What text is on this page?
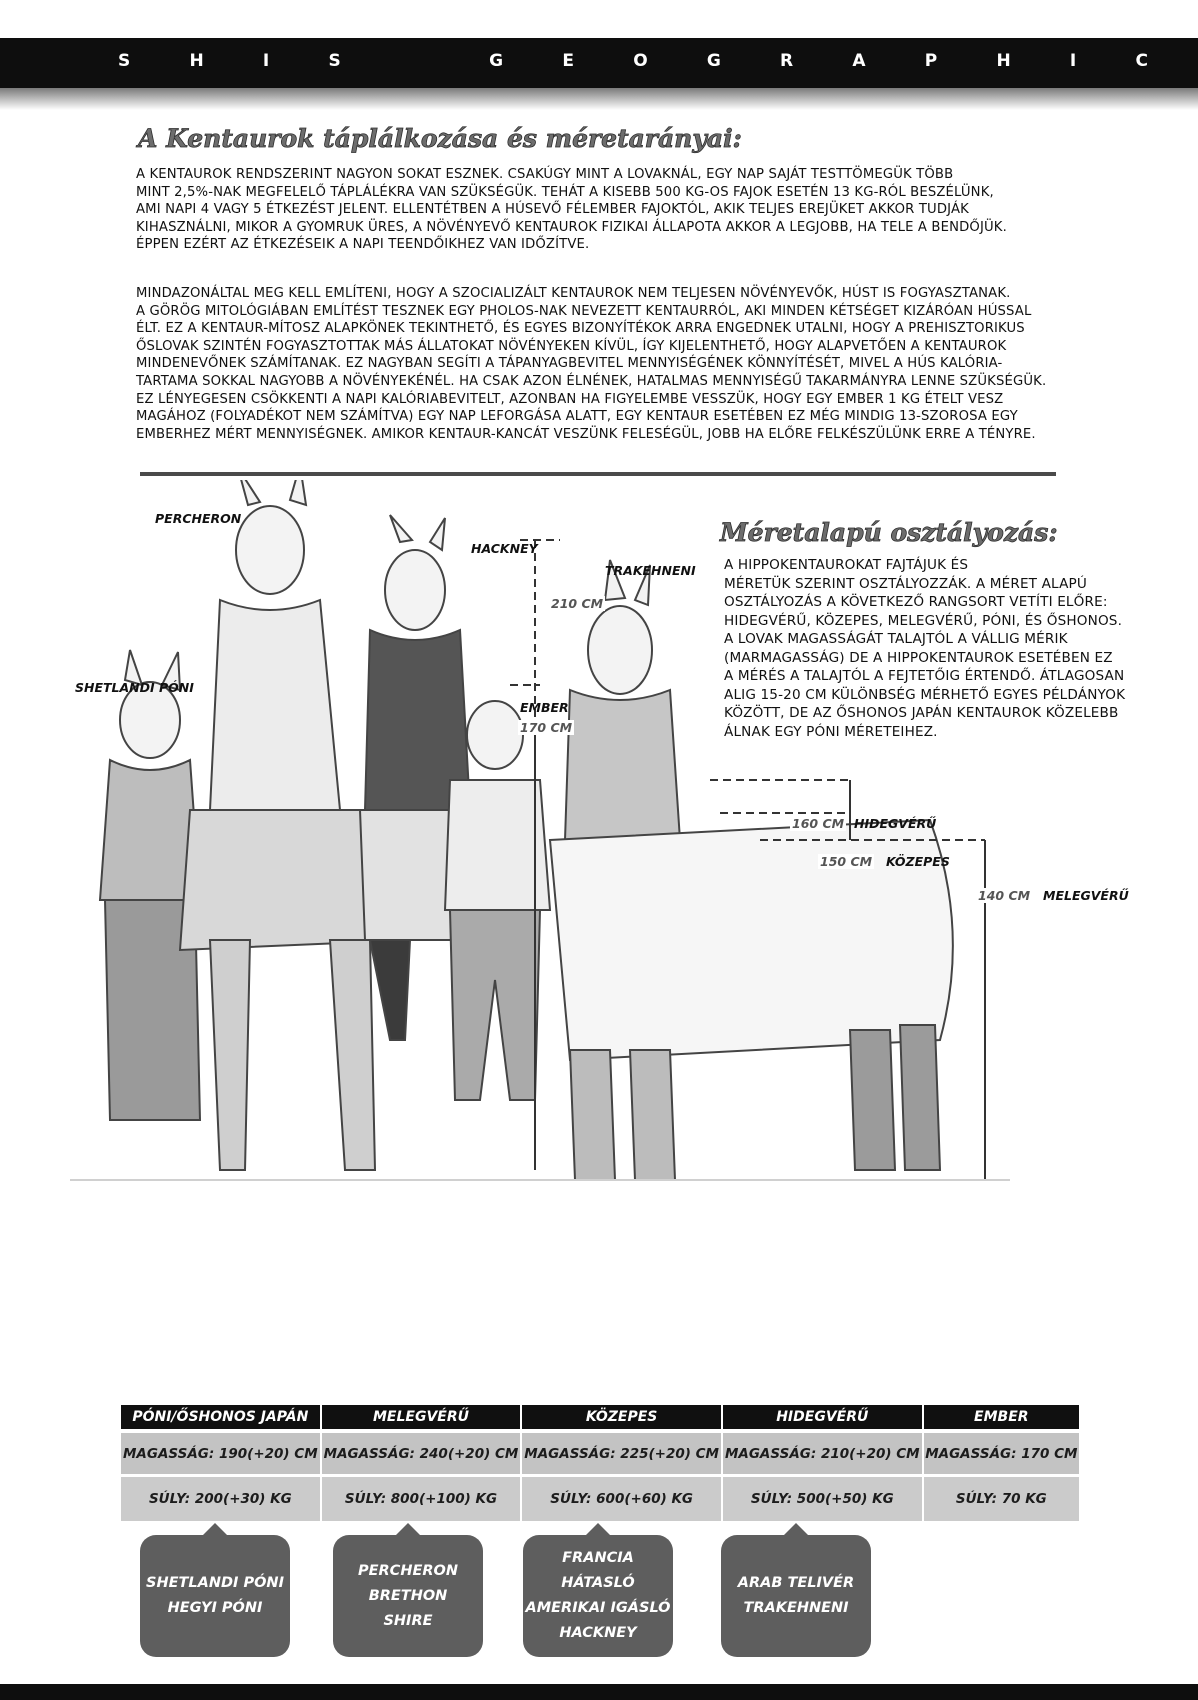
S	H	I	S	G	E	O	G	R	A	P	H	I	C
A Kentaurok táplálkozása és méretarányai:

A KENTAUROK RENDSZERINT NAGYON SOKAT ESZNEK. CSAKÚGY MINT A LOVAKNÁL, EGY NAP SAJÁT TESTTÖMEGÜK TÖBB

MINT 2,5%-NAK MEGFELELŐ TÁPLÁLÉKRA VAN SZÜKSÉGÜK. TEHÁT A KISEBB 500 KG-OS FAJOK ESETÉN 13 KG-RÓL BESZÉLÜNK,

AMI NAPI 4 VAGY 5 ÉTKEZÉST JELENT. ELLENTÉTBEN A HÚSEVŐ FÉLEMBER FAJOKTÓL, AKIK TELJES EREJÜKET AKKOR TUDJÁK

KIHASZNÁLNI, MIKOR A GYOMRUK ÜRES, A NÖVÉNYEVŐ KENTAUROK FIZIKAI ÁLLAPOTA AKKOR A LEGJOBB, HA TELE A BENDŐJÜK.

ÉPPEN EZÉRT AZ ÉTKEZÉSEIK A NAPI TEENDŐIKHEZ VAN IDŐZÍTVE.

MINDAZONÁLTAL MEG KELL EMLÍTENI, HOGY A SZOCIALIZÁLT KENTAUROK NEM TELJESEN NÖVÉNYEVŐK, HÚST IS FOGYASZTANAK.

A GÖRÖG MITOLÓGIÁBAN EMLÍTÉST TESZNEK EGY PHOLOS-NAK NEVEZETT KENTAURRÓL, AKI MINDEN KÉTSÉGET KIZÁRÓAN HÚSSAL

ÉLT. EZ A KENTAUR-MÍTOSZ ALAPKÖNEK TEKINTHETŐ, ÉS EGYES BIZONYÍTÉKOK ARRA ENGEDNEK UTALNI, HOGY A PREHISZTORIKUS

ŐSLOVAK SZINTÉN FOGYASZTOTTAK MÁS ÁLLATOKAT NÖVÉNYEKEN KÍVÜL, ÍGY KIJELENTHETŐ, HOGY ALAPVETŐEN A KENTAUROK

MINDENEVŐNEK SZÁMÍTANAK. EZ NAGYBAN SEGÍTI A TÁPANYAGBEVITEL MENNYISÉGÉNEK KÖNNYÍTÉSÉT, MIVEL A HÚS KALÓRIA-

TARTAMA SOKKAL NAGYOBB A NÖVÉNYEKÉNÉL. HA CSAK AZON ÉLNÉNEK, HATALMAS MENNYISÉGŰ TAKARMÁNYRA LENNE SZÜKSÉGÜK.

EZ LÉNYEGESEN CSÖKKENTI A NAPI KALÓRIABEVITELT, AZONBAN HA FIGYELEMBE VESSZÜK, HOGY EGY EMBER 1 KG ÉTELT VESZ

MAGÁHOZ (FOLYADÉKOT NEM SZÁMÍTVA) EGY NAP LEFORGÁSA ALATT, EGY KENTAUR ESETÉBEN EZ MÉG MINDIG 13-SZOROSA EGY

EMBERHEZ MÉRT MENNYISÉGNEK. AMIKOR KENTAUR-KANCÁT VESZÜNK FELESÉGÜL, JOBB HA ELŐRE FELKÉSZÜLÜNK ERRE A TÉNYRE.

PERCHERON
HACKNEY
TRAKEHNENI
SHETLANDI PÓNI
EMBER
210 CM
170 CM
160 CM
150 CM
140 CM
HIDEGVÉRŰ
KÖZEPES
MELEGVÉRŰ
Méretalapú osztályozás:

A HIPPOKENTAUROKAT FAJTÁJUK ÉS

MÉRETÜK SZERINT OSZTÁLYOZZÁK. A MÉRET ALAPÚ

OSZTÁLYOZÁS A KÖVETKEZŐ RANGSORT VETÍTI ELŐRE:

HIDEGVÉRŰ, KÖZEPES, MELEGVÉRŰ, PÓNI, ÉS ŐSHONOS.

A LOVAK MAGASSÁGÁT TALAJTÓL A VÁLLIG MÉRIK

(MARMAGASSÁG) DE A HIPPOKENTAUROK ESETÉBEN EZ

A MÉRÉS A TALAJTÓL A FEJTETŐIG ÉRTENDŐ. ÁTLAGOSAN

ALIG 15-20 CM KÜLÖNBSÉG MÉRHETŐ EGYES PÉLDÁNYOK

KÖZÖTT, DE AZ ŐSHONOS JAPÁN KENTAUROK KÖZELEBB

ÁLNAK EGY PÓNI MÉRETEIHEZ.

PÓNI/ŐSHONOS JAPÁN	MELEGVÉRŰ	KÖZEPES	HIDEGVÉRŰ	EMBER
MAGASSÁG: 190(+20) CM	MAGASSÁG: 240(+20) CM	MAGASSÁG: 225(+20) CM	MAGASSÁG: 210(+20) CM	MAGASSÁG: 170 CM
SÚLY: 200(+30) KG	SÚLY: 800(+100) KG	SÚLY: 600(+60) KG	SÚLY: 500(+50) KG	SÚLY: 70 KG
SHETLANDI PÓNI
HEGYI PÓNI
PERCHERON
BRETHON
SHIRE
FRANCIA HÁTASLÓ
AMERIKAI IGÁSLÓ
HACKNEY
ARAB TELIVÉR
TRAKEHNENI
